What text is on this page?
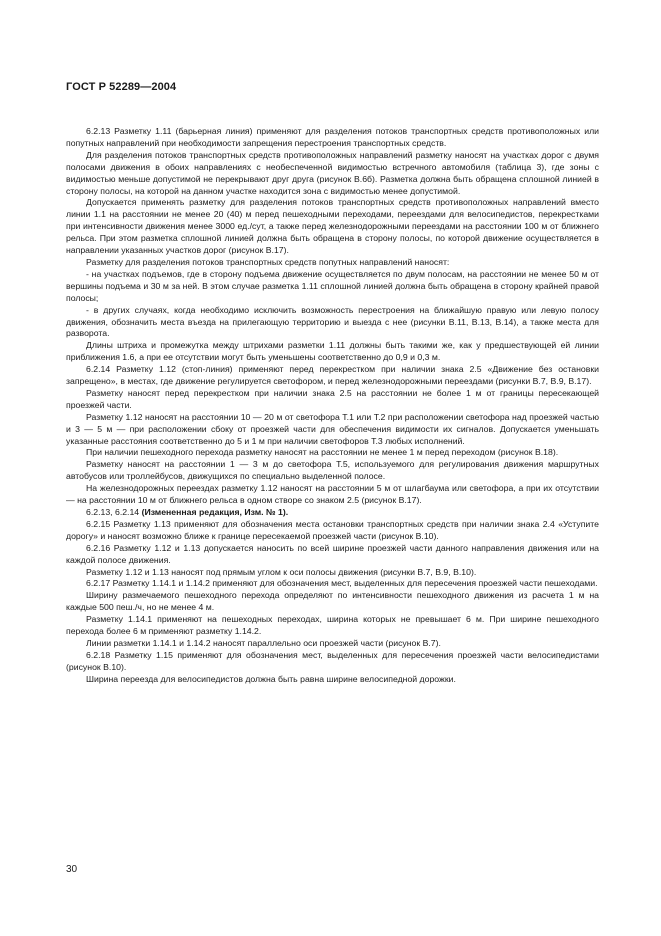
ГОСТ Р 52289—2004

6.2.13 Разметку 1.11 (барьерная линия) применяют для разделения потоков транспортных средств противоположных или попутных направлений при необходимости запрещения перестроения транспортных средств.

Для разделения потоков транспортных средств противоположных направлений разметку наносят на участках дорог с двумя полосами движения в обоих направлениях с необеспеченной видимостью встречного автомобиля (таблица 3), где зоны с видимостью меньше допустимой не перекрывают друг друга (рисунок В.6б). Разметка должна быть обращена сплошной линией в сторону полосы, на которой на данном участке находится зона с видимостью менее допустимой.

Допускается применять разметку для разделения потоков транспортных средств противоположных направлений вместо линии 1.1 на расстоянии не менее 20 (40) м перед пешеходными переходами, переездами для велосипедистов, перекрестками при интенсивности движения менее 3000 ед./сут, а также перед железнодорожными переездами на расстоянии 100 м от ближнего рельса. При этом разметка сплошной линией должна быть обращена в сторону полосы, по которой движение осуществляется в направлении указанных участков дорог (рисунок В.17).

Разметку для разделения потоков транспортных средств попутных направлений наносят:

- на участках подъемов, где в сторону подъема движение осуществляется по двум полосам, на расстоянии не менее 50 м от вершины подъема и 30 м за ней. В этом случае разметка 1.11 сплошной линией должна быть обращена в сторону крайней правой полосы;

- в других случаях, когда необходимо исключить возможность перестроения на ближайшую правую или левую полосу движения, обозначить места въезда на прилегающую территорию и выезда с нее (рисунки В.11, В.13, В.14), а также места для разворота.

Длины штриха и промежутка между штрихами разметки 1.11 должны быть такими же, как у предшествующей ей линии приближения 1.6, а при ее отсутствии могут быть уменьшены соответственно до 0,9 и 0,3 м.

6.2.14 Разметку 1.12 (стоп-линия) применяют перед перекрестком при наличии знака 2.5 «Движение без остановки запрещено», в местах, где движение регулируется светофором, и перед железнодорожными переездами (рисунки В.7, В.9, В.17).

Разметку наносят перед перекрестком при наличии знака 2.5 на расстоянии не более 1 м от границы пересекающей проезжей части.

Разметку 1.12 наносят на расстоянии 10 — 20 м от светофора Т.1 или Т.2 при расположении светофора над проезжей частью и 3 — 5 м — при расположении сбоку от проезжей части для обеспечения видимости их сигналов. Допускается уменьшать указанные расстояния соответственно до 5 и 1 м при наличии светофоров Т.3 любых исполнений.

При наличии пешеходного перехода разметку наносят на расстоянии не менее 1 м перед переходом (рисунок В.18).

Разметку наносят на расстоянии 1 — 3 м до светофора Т.5, используемого для регулирования движения маршрутных автобусов или троллейбусов, движущихся по специально выделенной полосе.

На железнодорожных переездах разметку 1.12 наносят на расстоянии 5 м от шлагбаума или светофора, а при их отсутствии — на расстоянии 10 м от ближнего рельса в одном створе со знаком 2.5 (рисунок В.17).

6.2.13, 6.2.14 (Измененная редакция, Изм. № 1).

6.2.15 Разметку 1.13 применяют для обозначения места остановки транспортных средств при наличии знака 2.4 «Уступите дорогу» и наносят возможно ближе к границе пересекаемой проезжей части (рисунок В.10).

6.2.16 Разметку 1.12 и 1.13 допускается наносить по всей ширине проезжей части данного направления движения или на каждой полосе движения.

Разметку 1.12 и 1.13 наносят под прямым углом к оси полосы движения (рисунки В.7, В.9, В.10).

6.2.17 Разметку 1.14.1 и 1.14.2 применяют для обозначения мест, выделенных для пересечения проезжей части пешеходами.

Ширину размечаемого пешеходного перехода определяют по интенсивности пешеходного движения из расчета 1 м на каждые 500 пеш./ч, но не менее 4 м.

Разметку 1.14.1 применяют на пешеходных переходах, ширина которых не превышает 6 м. При ширине пешеходного перехода более 6 м применяют разметку 1.14.2.

Линии разметки 1.14.1 и 1.14.2 наносят параллельно оси проезжей части (рисунок В.7).

6.2.18 Разметку 1.15 применяют для обозначения мест, выделенных для пересечения проезжей части велосипедистами (рисунок В.10).

Ширина переезда для велосипедистов должна быть равна ширине велосипедной дорожки.

30
